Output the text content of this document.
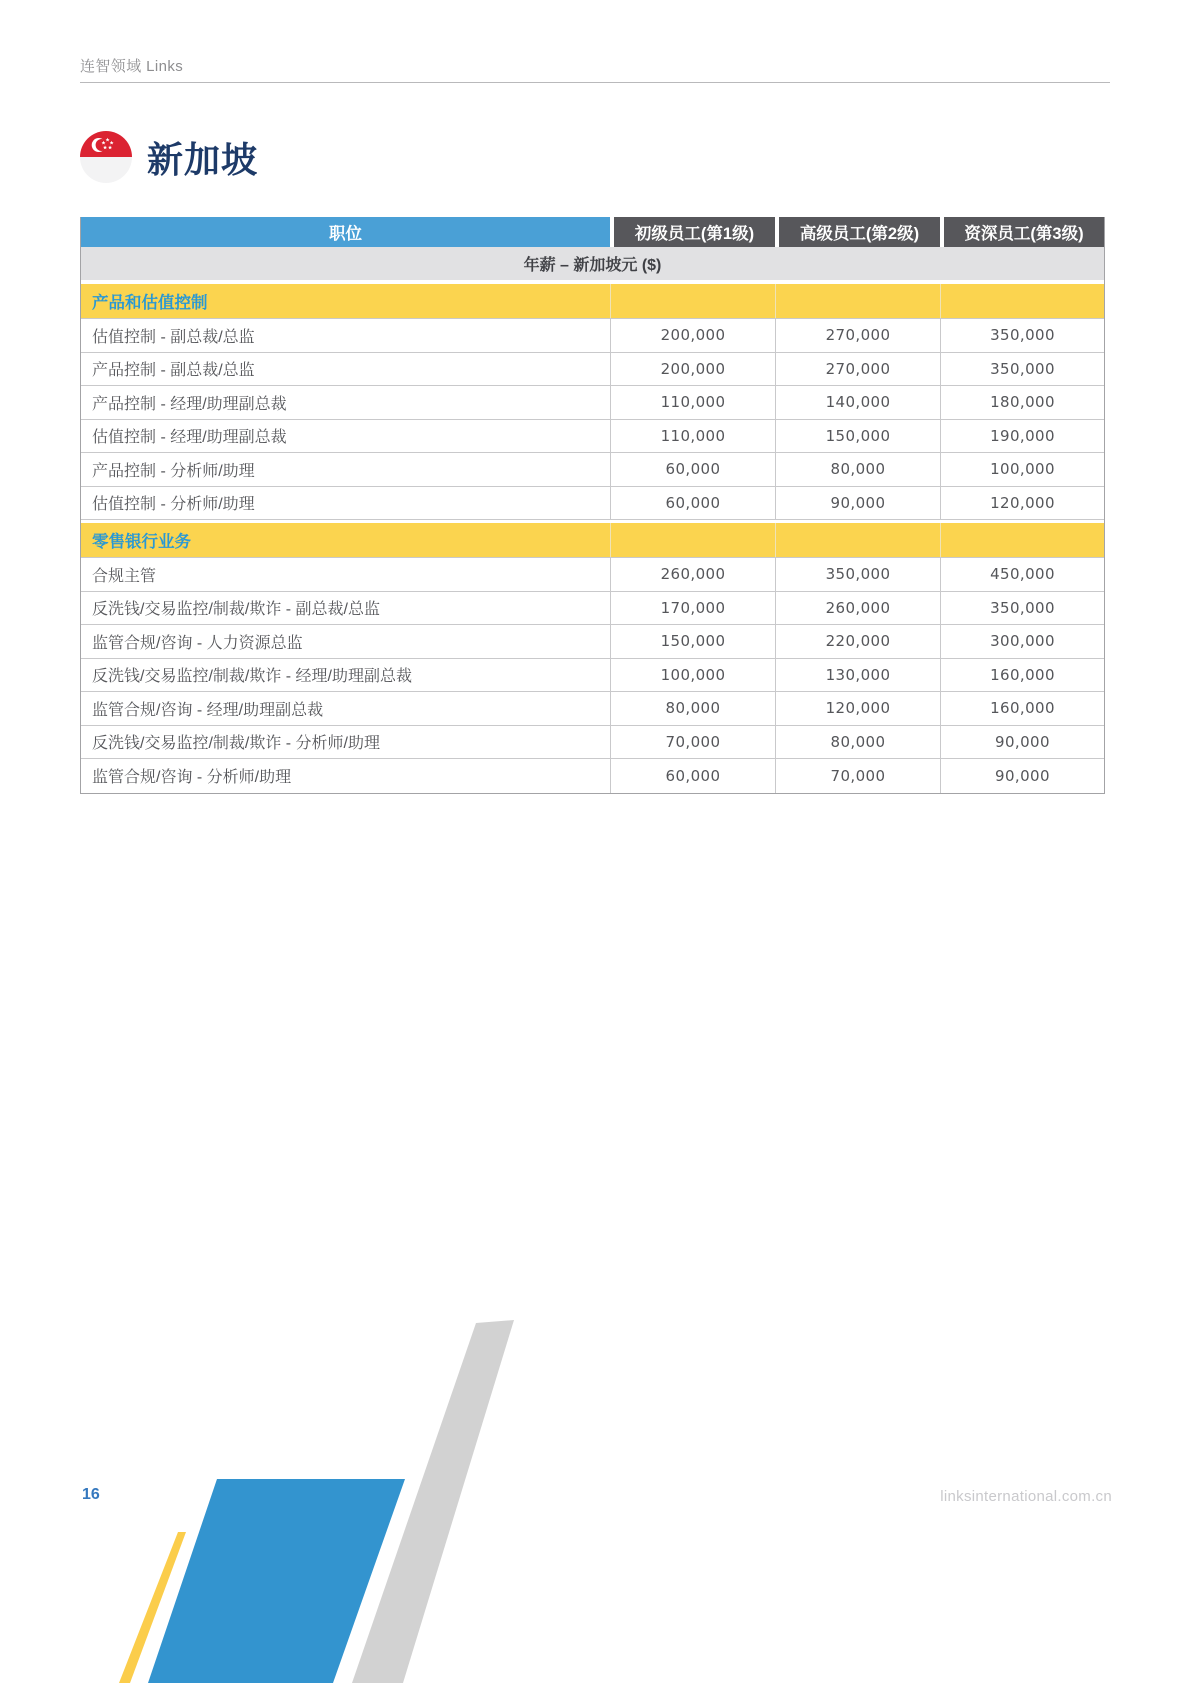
连智领域 Links
新加坡
职位	初级员工(第1级)	高级员工(第2级)	资深员工(第3级)
年薪 – 新加坡元 ($)
产品和估值控制
估值控制 - 副总裁/总监	200,000	270,000	350,000
产品控制 - 副总裁/总监	200,000	270,000	350,000
产品控制 - 经理/助理副总裁	110,000	140,000	180,000
估值控制 - 经理/助理副总裁	110,000	150,000	190,000
产品控制 - 分析师/助理	60,000	80,000	100,000
估值控制 - 分析师/助理	60,000	90,000	120,000
零售银行业务
合规主管	260,000	350,000	450,000
反洗钱/交易监控/制裁/欺诈 - 副总裁/总监	170,000	260,000	350,000
监管合规/咨询 - 人力资源总监	150,000	220,000	300,000
反洗钱/交易监控/制裁/欺诈 - 经理/助理副总裁	100,000	130,000	160,000
监管合规/咨询 - 经理/助理副总裁	80,000	120,000	160,000
反洗钱/交易监控/制裁/欺诈 - 分析师/助理	70,000	80,000	90,000
监管合规/咨询 - 分析师/助理	60,000	70,000	90,000
16	linksinternational.com.cn
